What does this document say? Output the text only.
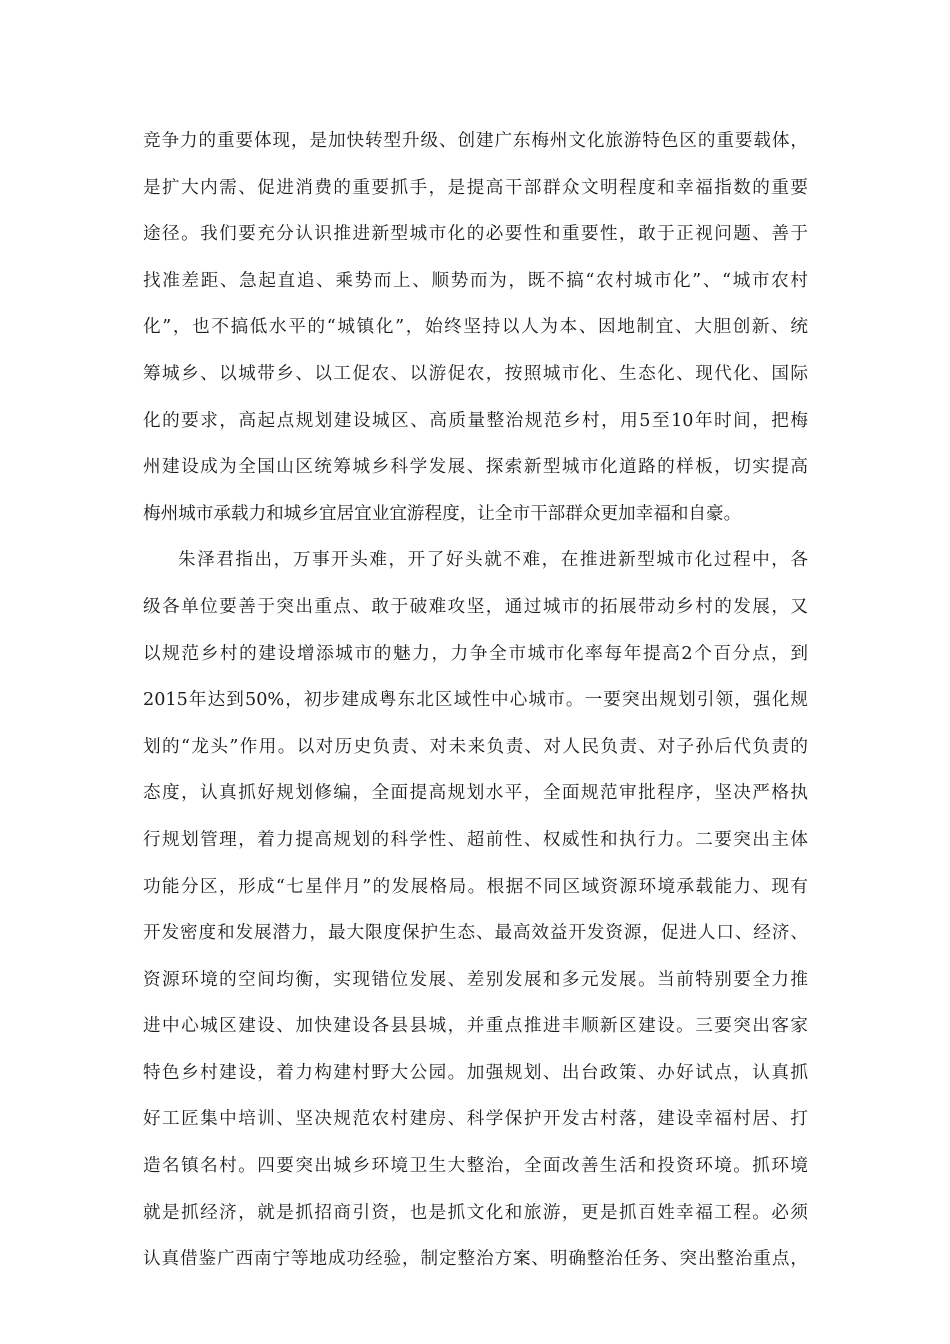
竞争力的重要体现，是加快转型升级、创建广东梅州文化旅游特色区的重要载体，
是扩大内需、促进消费的重要抓手，是提高干部群众文明程度和幸福指数的重要
途径。我们要充分认识推进新型城市化的必要性和重要性，敢于正视问题、善于
找准差距、急起直追、乘势而上、顺势而为，既不搞“农村城市化”、“城市农村
化”，也不搞低水平的“城镇化”，始终坚持以人为本、因地制宜、大胆创新、统
筹城乡、以城带乡、以工促农、以游促农，按照城市化、生态化、现代化、国际
化的要求，高起点规划建设城区、高质量整治规范乡村，用5至10年时间，把梅
州建设成为全国山区统筹城乡科学发展、探索新型城市化道路的样板，切实提高
梅州城市承载力和城乡宜居宜业宜游程度，让全市干部群众更加幸福和自豪。
朱泽君指出，万事开头难，开了好头就不难，在推进新型城市化过程中，各
级各单位要善于突出重点、敢于破难攻坚，通过城市的拓展带动乡村的发展，又
以规范乡村的建设增添城市的魅力，力争全市城市化率每年提高2个百分点，到
2015年达到50%，初步建成粤东北区域性中心城市。一要突出规划引领，强化规
划的“龙头”作用。以对历史负责、对未来负责、对人民负责、对子孙后代负责的
态度，认真抓好规划修编，全面提高规划水平，全面规范审批程序，坚决严格执
行规划管理，着力提高规划的科学性、超前性、权威性和执行力。二要突出主体
功能分区，形成“七星伴月”的发展格局。根据不同区域资源环境承载能力、现有
开发密度和发展潜力，最大限度保护生态、最高效益开发资源，促进人口、经济、
资源环境的空间均衡，实现错位发展、差别发展和多元发展。当前特别要全力推
进中心城区建设、加快建设各县县城，并重点推进丰顺新区建设。三要突出客家
特色乡村建设，着力构建村野大公园。加强规划、出台政策、办好试点，认真抓
好工匠集中培训、坚决规范农村建房、科学保护开发古村落，建设幸福村居、打
造名镇名村。四要突出城乡环境卫生大整治，全面改善生活和投资环境。抓环境
就是抓经济，就是抓招商引资，也是抓文化和旅游，更是抓百姓幸福工程。必须
认真借鉴广西南宁等地成功经验，制定整治方案、明确整治任务、突出整治重点，
